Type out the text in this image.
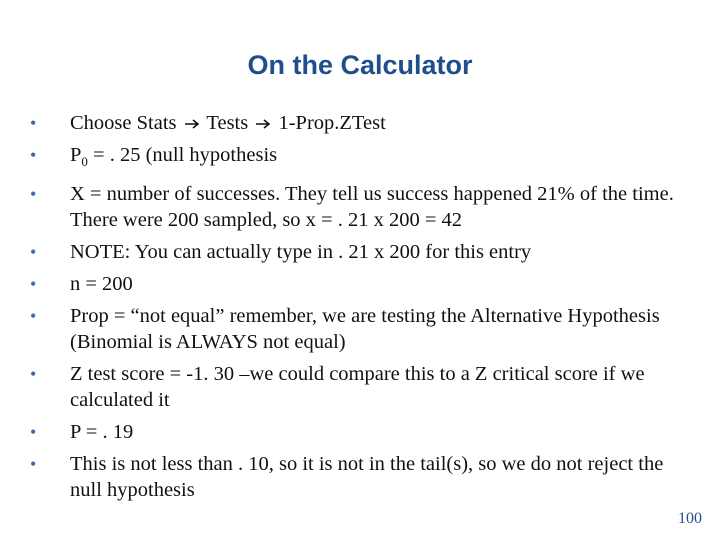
On the Calculator
• Choose Stats Tests 1-Prop.ZTest
• $P_0$ = . 25 (null hypothesis
• X = number of successes. They tell us success happened 21% of the time. There were 200 sampled, so x = . 21 x 200 = 42
• NOTE: You can actually type in . 21 x 200 for this entry
• n = 200
• Prop = “not equal” remember, we are testing the Alternative Hypothesis (Binomial is ALWAYS not equal)
• Z test score = -1. 30 –we could compare this to a Z critical score if we calculated it
• P = . 19
• This is not less than . 10, so it is not in the tail(s), so we do not reject the null hypothesis
100
